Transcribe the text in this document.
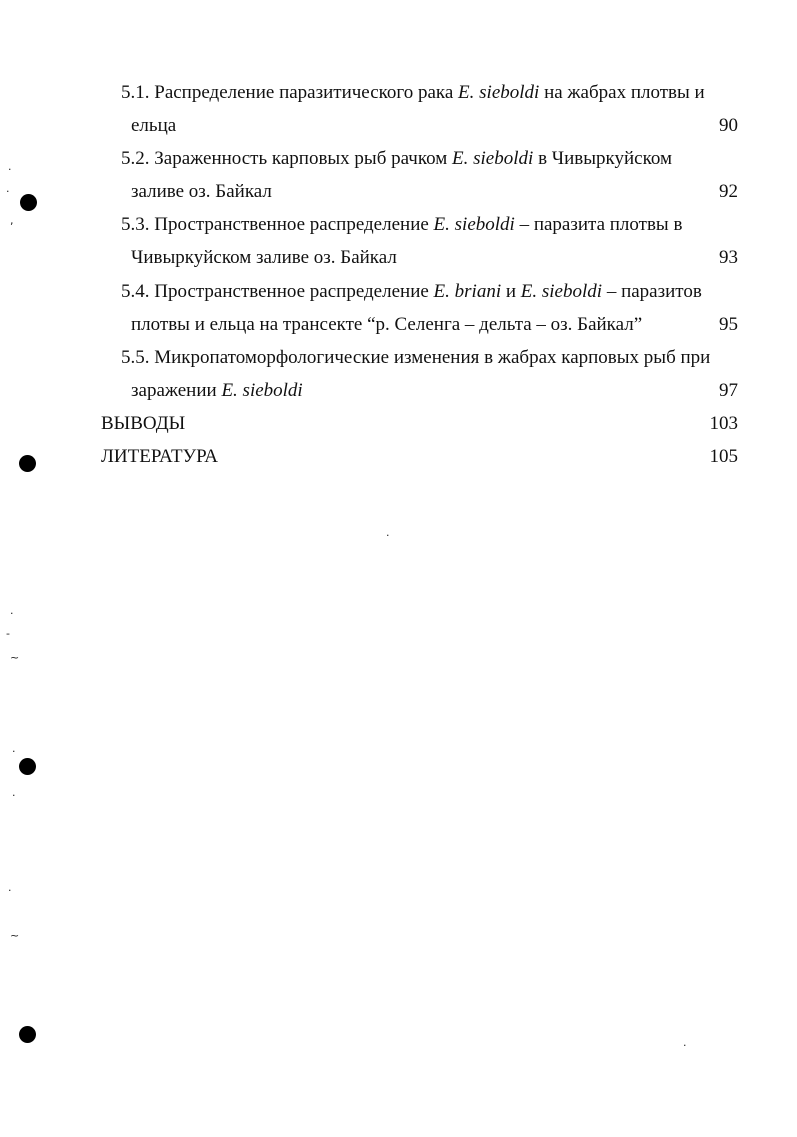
5.1. Распределение паразитического рака E. sieboldi на жабрах плотвы и
ельца	90
5.2. Зараженность карповых рыб рачком E. sieboldi в Чивыркуйском
заливе оз. Байкал	92
5.3. Пространственное распределение E. sieboldi – паразита плотвы в
Чивыркуйском заливе оз. Байкал	93
5.4. Пространственное распределение E. briani и E. sieboldi – паразитов
плотвы и ельца на трансекте “р. Селенга – дельта – оз. Байкал”	95
5.5. Микропатоморфологические изменения в жабрах карповых рыб при
заражении E. sieboldi	97
ВЫВОДЫ	103
ЛИТЕРАТУРА	105
·
·
,
·
-
~
·
·
·
~
·
·
